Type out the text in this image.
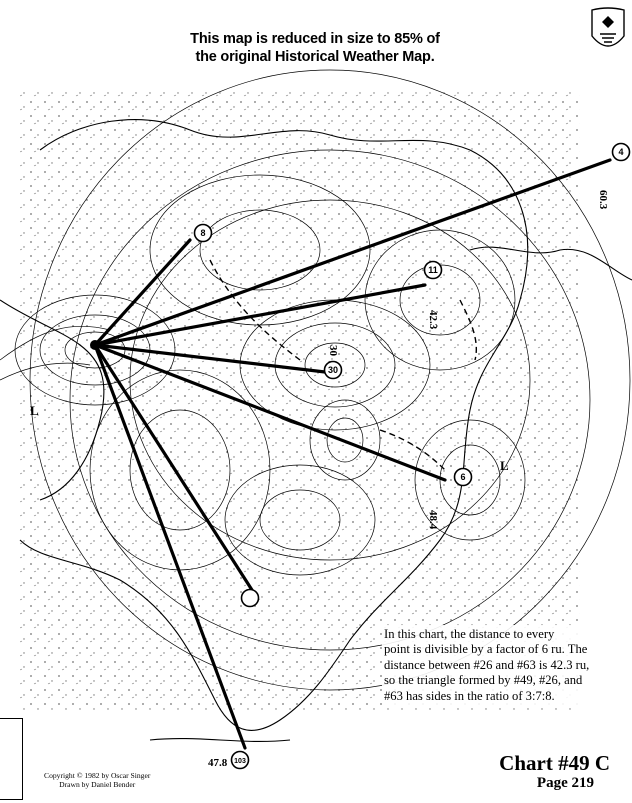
8
11
4
30
6
103
60.3
42.3
30
48.4
47.8
L
L
This map is reduced in size to 85% of
the original Historical Weather Map.
In this chart, the distance to every
point is divisible by a factor of 6 ru. The
distance between #26 and #63 is 42.3 ru,
so the triangle formed by #49, #26, and
#63 has sides in the ratio of 3:7:8.
Copyright © 1982 by Oscar Singer
Drawn by Daniel Bender
Chart #49 C
Page 219
